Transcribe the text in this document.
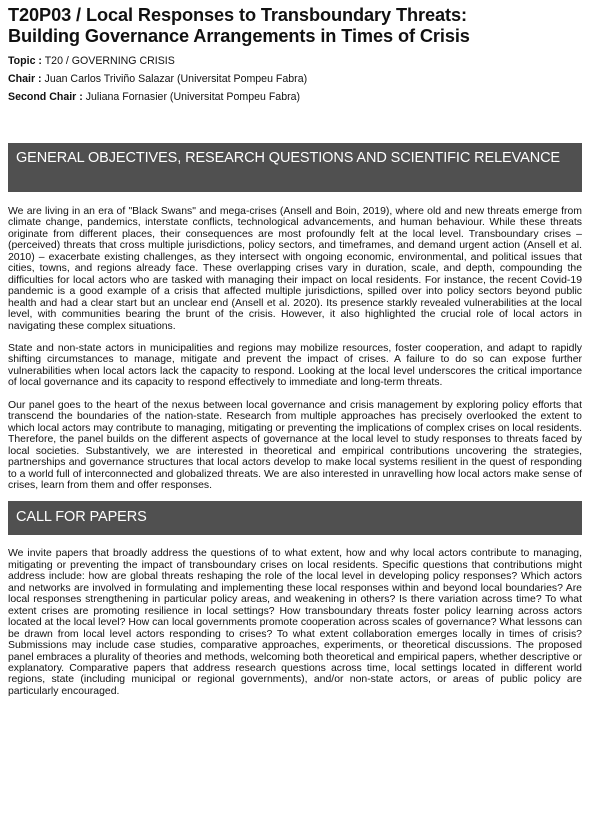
T20P03 / Local Responses to Transboundary Threats:
Building Governance Arrangements in Times of Crisis
Topic : T20 / GOVERNING CRISIS
Chair : Juan Carlos Triviño Salazar (Universitat Pompeu Fabra)
Second Chair : Juliana Fornasier (Universitat Pompeu Fabra)
GENERAL OBJECTIVES, RESEARCH QUESTIONS AND SCIENTIFIC RELEVANCE

We are living in an era of "Black Swans" and mega-crises (Ansell and Boin, 2019), where old and new threats emerge from climate change, pandemics, interstate conflicts, technological advancements, and human behaviour. While these threats originate from different places, their consequences are most profoundly felt at the local level. Transboundary crises – (perceived) threats that cross multiple jurisdictions, policy sectors, and timeframes, and demand urgent action (Ansell et al. 2010) – exacerbate existing challenges, as they intersect with ongoing economic, environmental, and political issues that cities, towns, and regions already face. These overlapping crises vary in duration, scale, and depth, compounding the difficulties for local actors who are tasked with managing their impact on local residents. For instance, the recent Covid-19 pandemic is a good example of a crisis that affected multiple jurisdictions, spilled over into policy sectors beyond public health and had a clear start but an unclear end (Ansell et al. 2020). Its presence starkly revealed vulnerabilities at the local level, with communities bearing the brunt of the crisis. However, it also highlighted the crucial role of local actors in navigating these complex situations.

State and non-state actors in municipalities and regions may mobilize resources, foster cooperation, and adapt to rapidly shifting circumstances to manage, mitigate and prevent the impact of crises. A failure to do so can expose further vulnerabilities when local actors lack the capacity to respond. Looking at the local level underscores the critical importance of local governance and its capacity to respond effectively to immediate and long-term threats.

Our panel goes to the heart of the nexus between local governance and crisis management by exploring policy efforts that transcend the boundaries of the nation-state. Research from multiple approaches has precisely overlooked the extent to which local actors may contribute to managing, mitigating or preventing the implications of complex crises on local residents. Therefore, the panel builds on the different aspects of governance at the local level to study responses to threats faced by local societies. Substantively, we are interested in theoretical and empirical contributions uncovering the strategies, partnerships and governance structures that local actors develop to make local systems resilient in the quest of responding to a world full of interconnected and globalized threats. We are also interested in unravelling how local actors make sense of crises, learn from them and offer responses.

CALL FOR PAPERS

We invite papers that broadly address the questions of to what extent, how and why local actors contribute to managing, mitigating or preventing the impact of transboundary crises on local residents. Specific questions that contributions might address include: how are global threats reshaping the role of the local level in developing policy responses? Which actors and networks are involved in formulating and implementing these local responses within and beyond local boundaries? Are local responses strengthening in particular policy areas, and weakening in others? Is there variation across time? To what extent crises are promoting resilience in local settings? How transboundary threats foster policy learning across actors located at the local level? How can local governments promote cooperation across scales of governance? What lessons can be drawn from local level actors responding to crises? To what extent collaboration emerges locally in times of crisis? Submissions may include case studies, comparative approaches, experiments, or theoretical discussions. The proposed panel embraces a plurality of theories and methods, welcoming both theoretical and empirical papers, whether descriptive or explanatory. Comparative papers that address research questions across time, local settings located in different world regions, state (including municipal or regional governments), and/or non-state actors, or areas of public policy are particularly encouraged.
